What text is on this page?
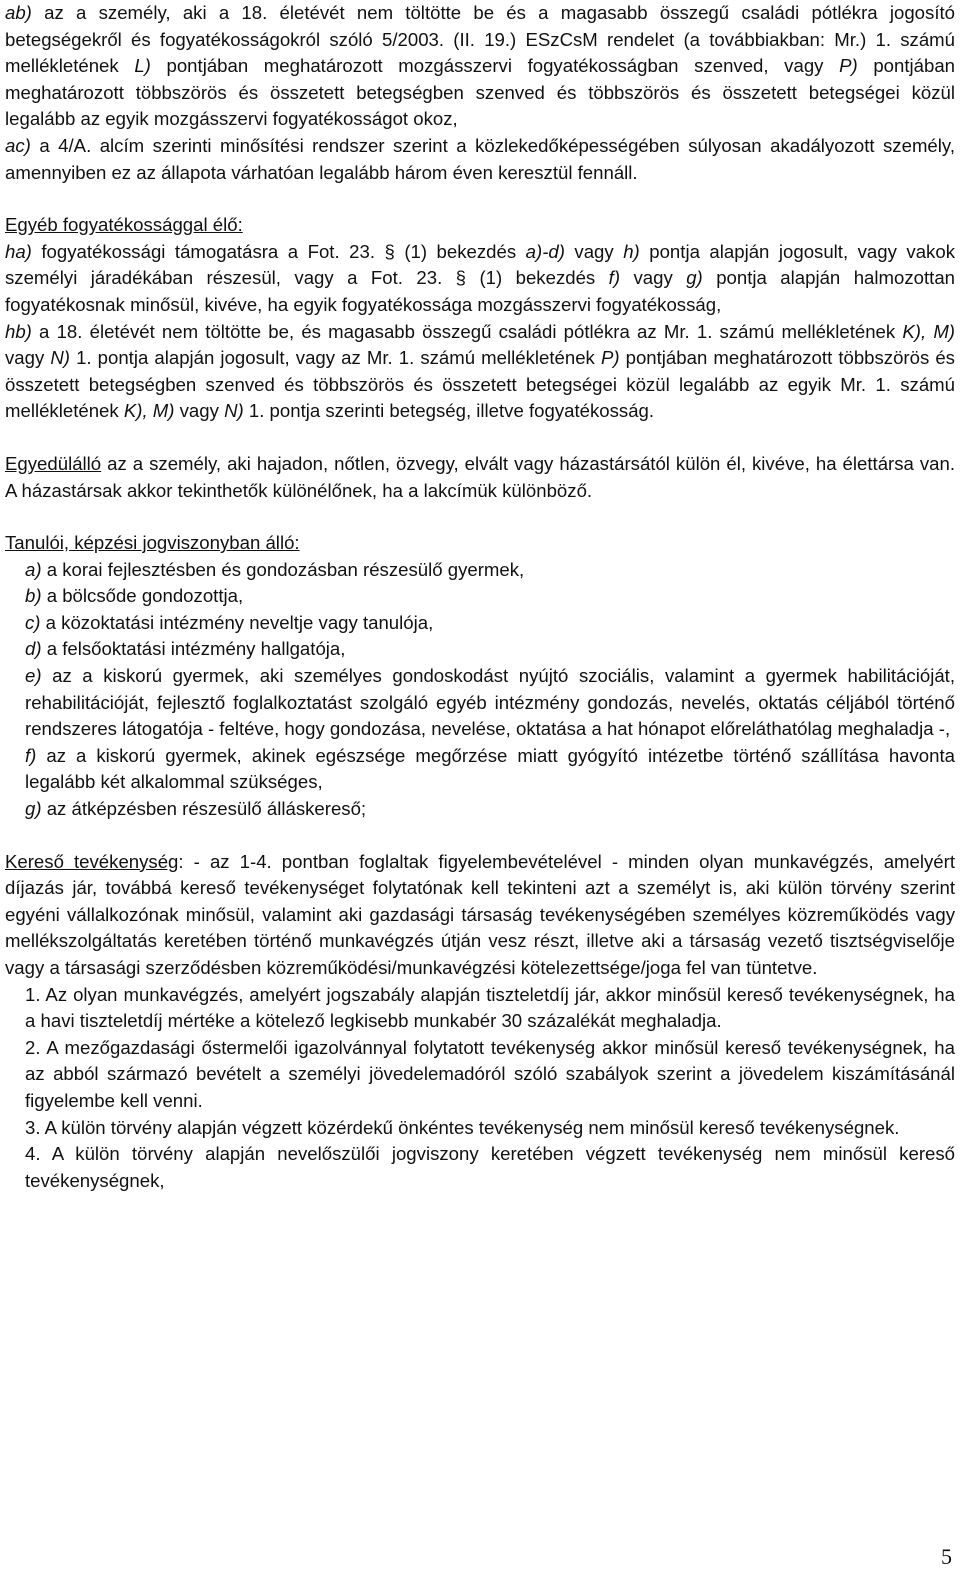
ab) az a személy, aki a 18. életévét nem töltötte be és a magasabb összegű családi pótlékra jogosító betegségekről és fogyatékosságokról szóló 5/2003. (II. 19.) ESzCsM rendelet (a továbbiakban: Mr.) 1. számú mellékletének L) pontjában meghatározott mozgásszervi fogyatékosságban szenved, vagy P) pontjában meghatározott többszörös és összetett betegségben szenved és többszörös és összetett betegségei közül legalább az egyik mozgásszervi fogyatékosságot okoz,

ac) a 4/A. alcím szerinti minősítési rendszer szerint a közlekedőképességében súlyosan akadályozott személy, amennyiben ez az állapota várhatóan legalább három éven keresztül fennáll.

Egyéb fogyatékossággal élő:

ha) fogyatékossági támogatásra a Fot. 23. § (1) bekezdés a)-d) vagy h) pontja alapján jogosult, vagy vakok személyi járadékában részesül, vagy a Fot. 23. § (1) bekezdés f) vagy g) pontja alapján halmozottan fogyatékosnak minősül, kivéve, ha egyik fogyatékossága mozgásszervi fogyatékosság,

hb) a 18. életévét nem töltötte be, és magasabb összegű családi pótlékra az Mr. 1. számú mellékletének K), M) vagy N) 1. pontja alapján jogosult, vagy az Mr. 1. számú mellékletének P) pontjában meghatározott többszörös és összetett betegségben szenved és többszörös és összetett betegségei közül legalább az egyik Mr. 1. számú mellékletének K), M) vagy N) 1. pontja szerinti betegség, illetve fogyatékosság.

Egyedülálló az a személy, aki hajadon, nőtlen, özvegy, elvált vagy házastársától külön él, kivéve, ha élettársa van. A házastársak akkor tekinthetők különélőnek, ha a lakcímük különböző.

Tanulói, képzési jogviszonyban álló:

a) a korai fejlesztésben és gondozásban részesülő gyermek,

b) a bölcsőde gondozottja,

c) a közoktatási intézmény neveltje vagy tanulója,

d) a felsőoktatási intézmény hallgatója,

e) az a kiskorú gyermek, aki személyes gondoskodást nyújtó szociális, valamint a gyermek habilitációját, rehabilitációját, fejlesztő foglalkoztatást szolgáló egyéb intézmény gondozás, nevelés, oktatás céljából történő rendszeres látogatója - feltéve, hogy gondozása, nevelése, oktatása a hat hónapot előreláthatólag meghaladja -,

f) az a kiskorú gyermek, akinek egészsége megőrzése miatt gyógyító intézetbe történő szállítása havonta legalább két alkalommal szükséges,

g) az átképzésben részesülő álláskereső;

Kereső tevékenység: - az 1-4. pontban foglaltak figyelembevételével - minden olyan munkavégzés, amelyért díjazás jár, továbbá kereső tevékenységet folytatónak kell tekinteni azt a személyt is, aki külön törvény szerint egyéni vállalkozónak minősül, valamint aki gazdasági társaság tevékenységében személyes közreműködés vagy mellékszolgáltatás keretében történő munkavégzés útján vesz részt, illetve aki a társaság vezető tisztségviselője vagy a társasági szerződésben közreműködési/munkavégzési kötelezettsége/joga fel van tüntetve.

1. Az olyan munkavégzés, amelyért jogszabály alapján tiszteletdíj jár, akkor minősül kereső tevékenységnek, ha a havi tiszteletdíj mértéke a kötelező legkisebb munkabér 30 százalékát meghaladja.

2. A mezőgazdasági őstermelői igazolvánnyal folytatott tevékenység akkor minősül kereső tevékenységnek, ha az abból származó bevételt a személyi jövedelemadóról szóló szabályok szerint a jövedelem kiszámításánál figyelembe kell venni.

3. A külön törvény alapján végzett közérdekű önkéntes tevékenység nem minősül kereső tevékenységnek.

4. A külön törvény alapján nevelőszülői jogviszony keretében végzett tevékenység nem minősül kereső tevékenységnek,

5
